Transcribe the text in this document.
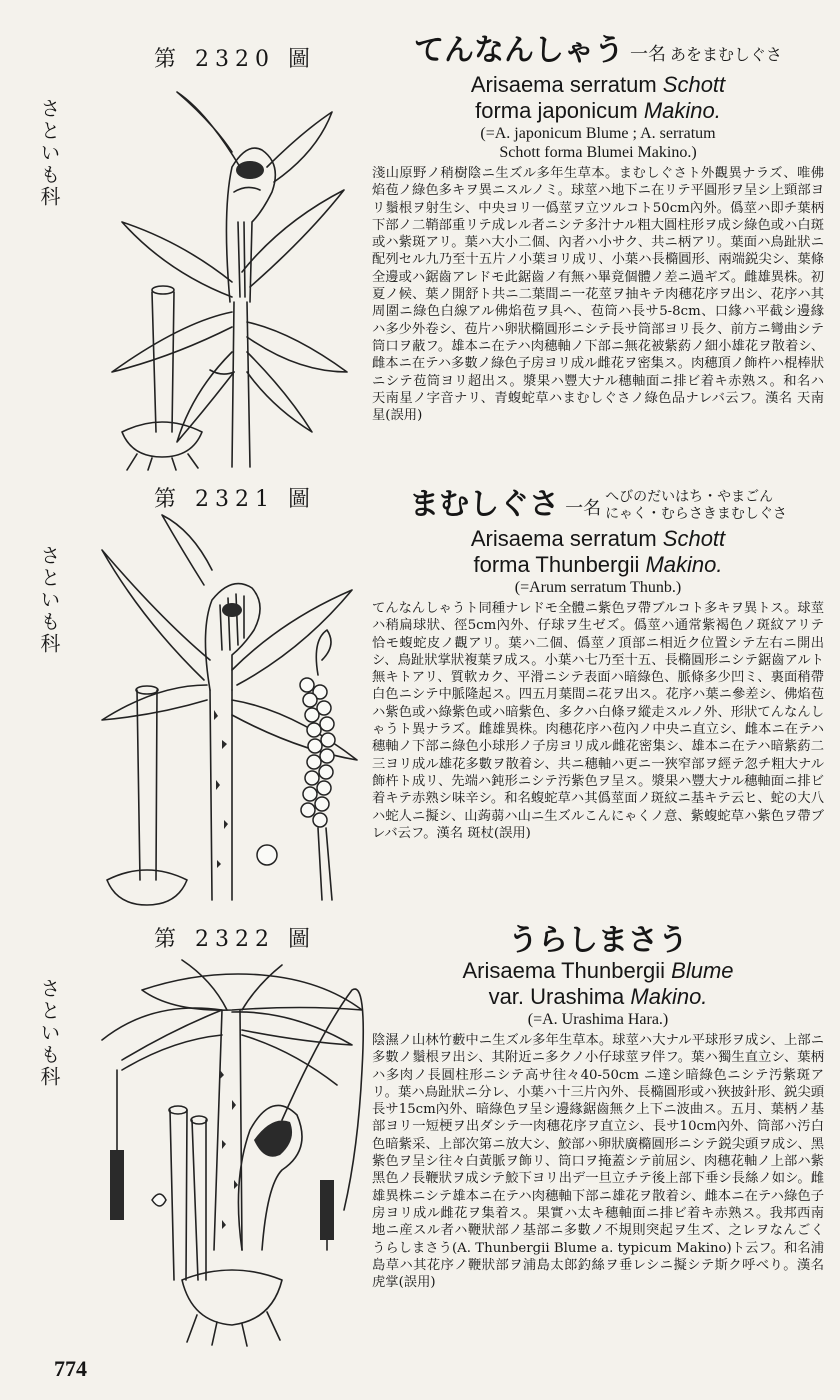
第 2320 圖
さといも科
てんなんしゃう 一名 あをまむしぐさ
Arisaema serratum Schott
forma japonicum Makino.
(=A. japonicum Blume ; A. serratum
Schott forma Blumei Makino.)
淺山原野ノ稍樹陰ニ生ズル多年生草本。まむしぐさト外觀異ナラズ、唯佛焰苞ノ綠色多キヲ異ニスルノミ。球莖ハ地下ニ在リテ平圓形ヲ呈シ上頸部ヨリ鬚根ヲ射生シ、中央ヨリ一僞莖ヲ立ツルコト50cm內外。僞莖ハ即チ葉柄下部ノ二鞘部重リテ成レル者ニシテ多汁ナル粗大圓柱形ヲ成シ綠色或ハ白斑或ハ紫斑アリ。葉ハ大小二個、內者ハ小サク、共ニ柄アリ。葉面ハ鳥趾狀ニ配列セル九乃至十五片ノ小葉ヨリ成リ、小葉ハ長橢圓形、兩端鋭尖シ、葉條全邊或ハ鋸齒アレドモ此鋸齒ノ有無ハ畢竟個體ノ差ニ過ギズ。雌雄異株。初夏ノ候、葉ノ開舒ト共ニ二葉間ニ一花莖ヲ抽キテ肉穗花序ヲ出シ、花序ハ其周圍ニ綠色白線アル佛焰苞ヲ具ヘ、苞筒ハ長サ5-8cm、口緣ハ平截シ邊緣ハ多少外卷シ、苞片ハ卵狀橢圓形ニシテ長サ筒部ヨリ長ク、前方ニ彎曲シテ筒口ヲ蔽フ。雄本ニ在テハ肉穗軸ノ下部ニ無花被紫葯ノ細小雄花ヲ散着シ、雌本ニ在テハ多數ノ綠色子房ヨリ成ル雌花ヲ密集ス。肉穗頂ノ飾杵ハ棍棒狀ニシテ苞筒ヨリ超出ス。漿果ハ豐大ナル穗軸面ニ排ビ着キ赤熟ス。和名ハ天南星ノ字音ナリ、青蝮蛇草ハまむしぐさノ綠色品ナレバ云フ。漢名 天南星(誤用)
第 2321 圖
さといも科
まむしぐさ 一名へびのだいはち・やまごん
にゃく・むらさきまむしぐさ
Arisaema serratum Schott
forma Thunbergii Makino.
(=Arum serratum Thunb.)
てんなんしゃうト同種ナレドモ全體ニ紫色ヲ帶ブルコト多キヲ異トス。球莖ハ稍扁球狀、徑5cm內外、仔球ヲ生ゼズ。僞莖ハ通常紫褐色ノ斑紋アリテ恰モ蝮蛇皮ノ觀アリ。葉ハ二個、僞莖ノ頂部ニ相近ク位置シテ左右ニ開出シ、鳥趾狀掌狀複葉ヲ成ス。小葉ハ七乃至十五、長橢圓形ニシテ鋸齒アルト無キトアリ、質軟カク、平滑ニシテ表面ハ暗綠色、脈條多少凹ミ、裏面稍帶白色ニシテ中脈隆起ス。四五月葉間ニ花ヲ出ス。花序ハ葉ニ參差シ、佛焰苞ハ紫色或ハ綠紫色或ハ暗紫色、多クハ白條ヲ縱走スルノ外、形狀てんなんしゃうト異ナラズ。雌雄異株。肉穗花序ハ苞內ノ中央ニ直立シ、雌本ニ在テハ穗軸ノ下部ニ綠色小球形ノ子房ヨリ成ル雌花密集シ、雄本ニ在テハ暗紫葯二三ヨリ成ル雄花多數ヲ散着シ、共ニ穗軸ハ更ニ一狹窄部ヲ經テ忽チ粗大ナル飾杵ト成リ、先端ハ鈍形ニシテ汚紫色ヲ呈ス。漿果ハ豐大ナル穗軸面ニ排ビ着キテ赤熟シ味辛シ。和名蝮蛇草ハ其僞莖面ノ斑紋ニ基キテ云ヒ、蛇の大八ハ蛇人ニ擬シ、山蒟蒻ハ山ニ生ズルこんにゃくノ意、紫蝮蛇草ハ紫色ヲ帶ブレバ云フ。漢名 斑杖(誤用)
第 2322 圖
さといも科
うらしまさう
Arisaema Thunbergii Blume
var. Urashima Makino.
(=A. Urashima Hara.)
陰濕ノ山林竹藪中ニ生ズル多年生草本。球莖ハ大ナル平球形ヲ成シ、上部ニ多數ノ鬚根ヲ出シ、其附近ニ多クノ小仔球莖ヲ伴フ。葉ハ獨生直立シ、葉柄ハ多肉ノ長圓柱形ニシテ高サ往々40-50cm ニ達シ暗綠色ニシテ汚紫斑アリ。葉ハ鳥趾狀ニ分レ、小葉ハ十三片內外、長橢圓形或ハ狹披針形、鋭尖頭長サ15cm內外、暗綠色ヲ呈シ邊緣鋸齒無ク上下ニ波曲ス。五月、葉柄ノ基部ヨリ一短梗ヲ出ダシテ一肉穗花序ヲ直立シ、長サ10cm內外、筒部ハ汚白色暗紫采、上部次第ニ放大シ、鮫部ハ卵狀廣橢圓形ニシテ鋭尖頭ヲ成シ、黑紫色ヲ呈シ往々白黃脈ヲ飾リ、筒口ヲ掩蓋シテ前屈シ、肉穗花軸ノ上部ハ紫黑色ノ長鞭狀ヲ成シテ鮫下ヨリ出デ一旦立チテ後上部下垂シ長絲ノ如シ。雌雄異株ニシテ雄本ニ在テハ肉穗軸下部ニ雄花ヲ散着シ、雌本ニ在テハ綠色子房ヨリ成ル雌花ヲ集着ス。果實ハ太キ穗軸面ニ排ビ着キ赤熟ス。我邦西南地ニ産スル者ハ鞭狀部ノ基部ニ多數ノ不規則突起ヲ生ズ、之レヲなんごくうらしまさう(A. Thunbergii Blume a. typicum Makino)ト云フ。和名浦島草ハ其花序ノ鞭狀部ヲ浦島太郎釣絲ヲ垂レシニ擬シテ斯ク呼べり。漢名 虎掌(誤用)
774
